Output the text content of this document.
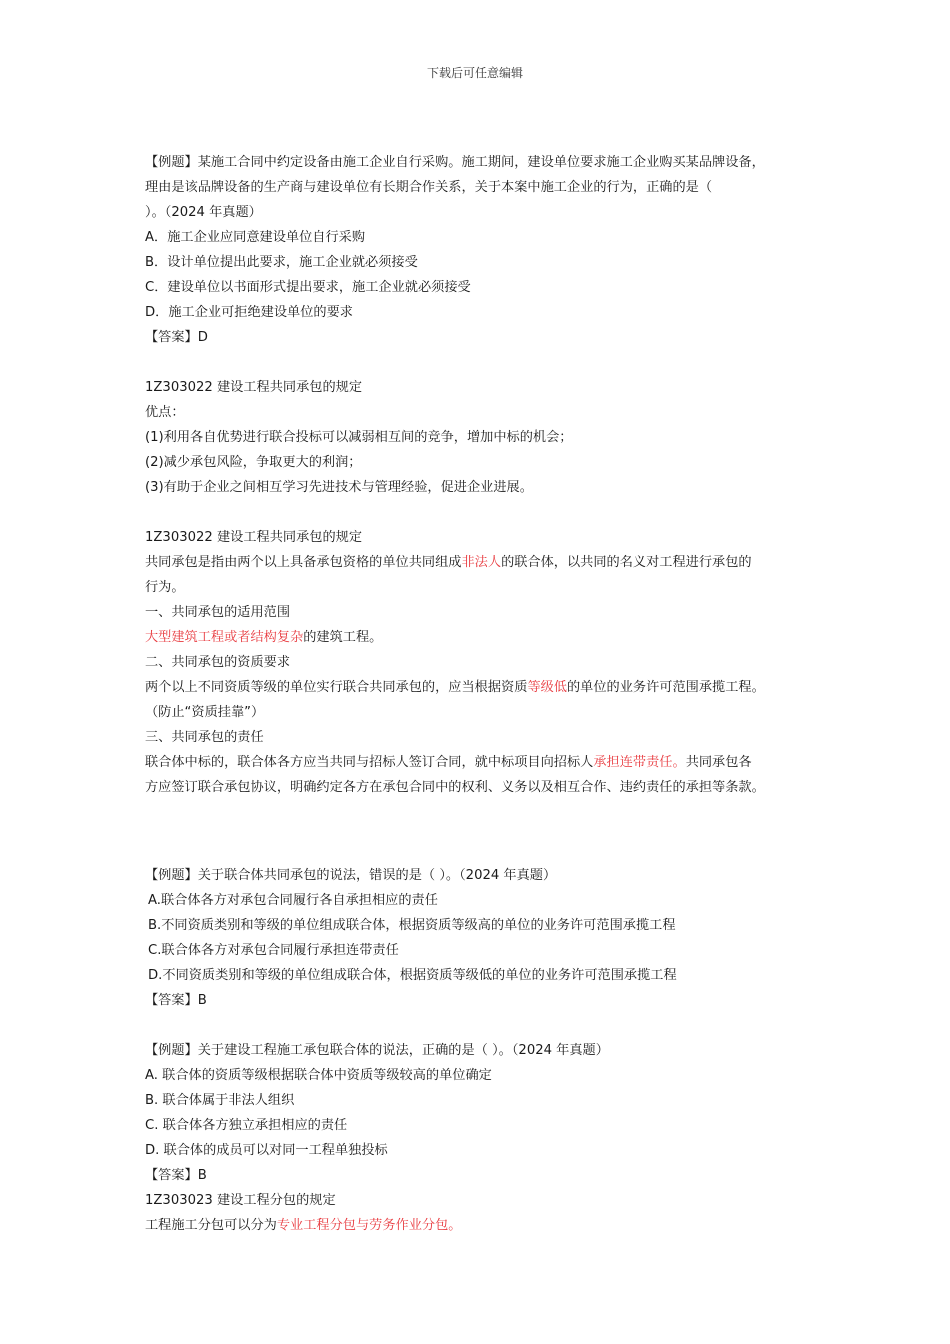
下载后可任意编辑
【例题】某施工合同中约定设备由施工企业自行采购。施工期间，建设单位要求施工企业购买某品牌设备，
理由是该品牌设备的生产商与建设单位有长期合作关系，关于本案中施工企业的行为，正确的是（
）。（2024 年真题）
A．施工企业应同意建设单位自行采购
B．设计单位提出此要求，施工企业就必须接受
C．建设单位以书面形式提出要求，施工企业就必须接受
D．施工企业可拒绝建设单位的要求
【答案】D
1Z303022 建设工程共同承包的规定
优点：
(1)利用各自优势进行联合投标可以减弱相互间的竞争，增加中标的机会；
(2)减少承包风险，争取更大的利润；
(3)有助于企业之间相互学习先进技术与管理经验，促进企业进展。
1Z303022 建设工程共同承包的规定
共同承包是指由两个以上具备承包资格的单位共同组成非法人的联合体，以共同的名义对工程进行承包的
行为。
一、共同承包的适用范围
大型建筑工程或者结构复杂的建筑工程。
二、共同承包的资质要求
两个以上不同资质等级的单位实行联合共同承包的，应当根据资质等级低的单位的业务许可范围承揽工程。
（防止“资质挂靠”）
三、共同承包的责任
联合体中标的，联合体各方应当共同与招标人签订合同，就中标项目向招标人承担连带责任。共同承包各
方应签订联合承包协议，明确约定各方在承包合同中的权利、义务以及相互合作、违约责任的承担等条款。
【例题】关于联合体共同承包的说法，错误的是（ ）。（2024 年真题）
A.联合体各方对承包合同履行各自承担相应的责任
B.不同资质类别和等级的单位组成联合体，根据资质等级高的单位的业务许可范围承揽工程
C.联合体各方对承包合同履行承担连带责任
D.不同资质类别和等级的单位组成联合体，根据资质等级低的单位的业务许可范围承揽工程
【答案】B
【例题】关于建设工程施工承包联合体的说法，正确的是（ ）。（2024 年真题）
A. 联合体的资质等级根据联合体中资质等级较高的单位确定
B. 联合体属于非法人组织
C. 联合体各方独立承担相应的责任
D. 联合体的成员可以对同一工程单独投标
【答案】B
1Z303023 建设工程分包的规定
工程施工分包可以分为专业工程分包与劳务作业分包。
